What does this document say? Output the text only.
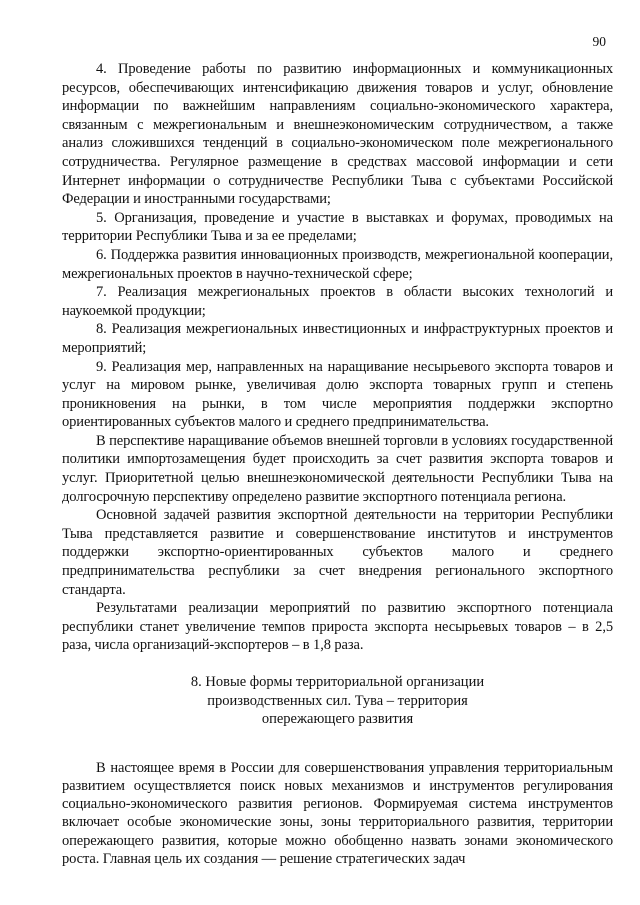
90

4. Проведение работы по развитию информационных и коммуникационных ресурсов, обеспечивающих интенсификацию движения товаров и услуг, обновление информации по важнейшим направлениям социально-экономического характера, связанным с межрегиональным и внешнеэкономическим сотрудничеством, а также анализ сложившихся тенденций в социально-экономическом поле межрегионального сотрудничества. Регулярное размещение в средствах массовой информации и сети Интернет информации о сотрудничестве Республики Тыва с субъектами Российской Федерации и иностранными государствами;

5. Организация, проведение и участие в выставках и форумах, проводимых на территории Республики Тыва и за ее пределами;

6. Поддержка развития инновационных производств, межрегиональной кооперации, межрегиональных проектов в научно-технической сфере;

7. Реализация межрегиональных проектов в области высоких технологий и наукоемкой продукции;

8. Реализация межрегиональных инвестиционных и инфраструктурных проектов и мероприятий;

9. Реализация мер, направленных на наращивание несырьевого экспорта товаров и услуг на мировом рынке, увеличивая долю экспорта товарных групп и степень проникновения на рынки, в том числе мероприятия поддержки экспортно ориентированных субъектов малого и среднего предпринимательства.

В перспективе наращивание объемов внешней торговли в условиях государственной политики импортозамещения будет происходить за счет развития экспорта товаров и услуг. Приоритетной целью внешнеэкономической деятельности Республики Тыва на долгосрочную перспективу определено развитие экспортного потенциала региона.

Основной задачей развития экспортной деятельности на территории Республики Тыва представляется развитие и совершенствование институтов и инструментов поддержки экспортно-ориентированных субъектов малого и среднего предпринимательства республики за счет внедрения регионального экспортного стандарта.

Результатами реализации мероприятий по развитию экспортного потенциала республики станет увеличение темпов прироста экспорта несырьевых товаров – в 2,5 раза, числа организаций-экспортеров – в 1,8 раза.

8. Новые формы территориальной организации
производственных сил. Тува – территория
опережающего развития

В настоящее время в России для совершенствования управления территориальным развитием осуществляется поиск новых механизмов и инструментов регулирования социально-экономического развития регионов. Формируемая система инструментов включает особые экономические зоны, зоны территориального развития, территории опережающего развития, которые можно обобщенно назвать зонами экономического роста. Главная цель их создания — решение стратегических задач
